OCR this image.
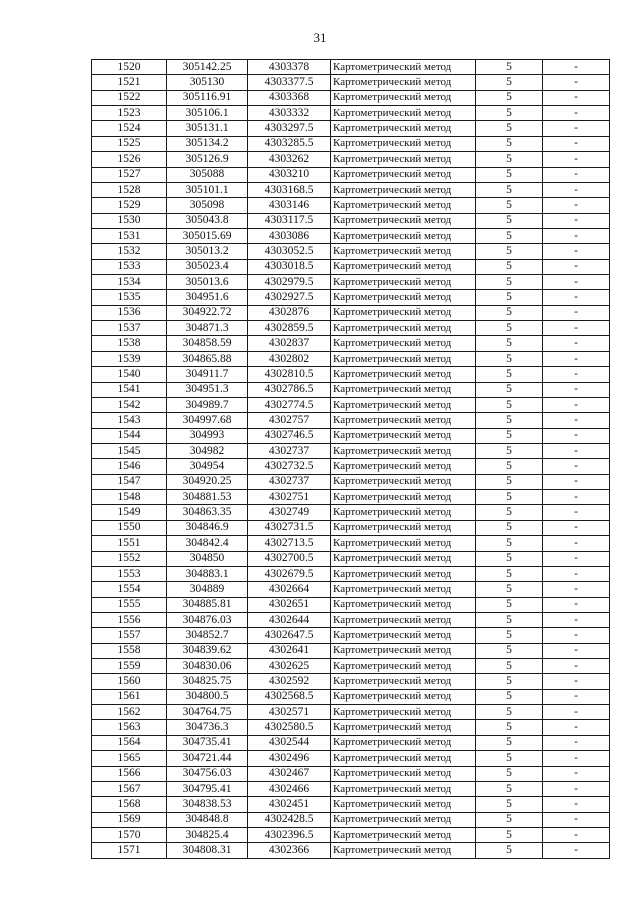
31
1520	305142.25	4303378	Картометрический метод	5	-
1521	305130	4303377.5	Картометрический метод	5	-
1522	305116.91	4303368	Картометрический метод	5	-
1523	305106.1	4303332	Картометрический метод	5	-
1524	305131.1	4303297.5	Картометрический метод	5	-
1525	305134.2	4303285.5	Картометрический метод	5	-
1526	305126.9	4303262	Картометрический метод	5	-
1527	305088	4303210	Картометрический метод	5	-
1528	305101.1	4303168.5	Картометрический метод	5	-
1529	305098	4303146	Картометрический метод	5	-
1530	305043.8	4303117.5	Картометрический метод	5	-
1531	305015.69	4303086	Картометрический метод	5	-
1532	305013.2	4303052.5	Картометрический метод	5	-
1533	305023.4	4303018.5	Картометрический метод	5	-
1534	305013.6	4302979.5	Картометрический метод	5	-
1535	304951.6	4302927.5	Картометрический метод	5	-
1536	304922.72	4302876	Картометрический метод	5	-
1537	304871.3	4302859.5	Картометрический метод	5	-
1538	304858.59	4302837	Картометрический метод	5	-
1539	304865.88	4302802	Картометрический метод	5	-
1540	304911.7	4302810.5	Картометрический метод	5	-
1541	304951.3	4302786.5	Картометрический метод	5	-
1542	304989.7	4302774.5	Картометрический метод	5	-
1543	304997.68	4302757	Картометрический метод	5	-
1544	304993	4302746.5	Картометрический метод	5	-
1545	304982	4302737	Картометрический метод	5	-
1546	304954	4302732.5	Картометрический метод	5	-
1547	304920.25	4302737	Картометрический метод	5	-
1548	304881.53	4302751	Картометрический метод	5	-
1549	304863.35	4302749	Картометрический метод	5	-
1550	304846.9	4302731.5	Картометрический метод	5	-
1551	304842.4	4302713.5	Картометрический метод	5	-
1552	304850	4302700.5	Картометрический метод	5	-
1553	304883.1	4302679.5	Картометрический метод	5	-
1554	304889	4302664	Картометрический метод	5	-
1555	304885.81	4302651	Картометрический метод	5	-
1556	304876.03	4302644	Картометрический метод	5	-
1557	304852.7	4302647.5	Картометрический метод	5	-
1558	304839.62	4302641	Картометрический метод	5	-
1559	304830.06	4302625	Картометрический метод	5	-
1560	304825.75	4302592	Картометрический метод	5	-
1561	304800.5	4302568.5	Картометрический метод	5	-
1562	304764.75	4302571	Картометрический метод	5	-
1563	304736.3	4302580.5	Картометрический метод	5	-
1564	304735.41	4302544	Картометрический метод	5	-
1565	304721.44	4302496	Картометрический метод	5	-
1566	304756.03	4302467	Картометрический метод	5	-
1567	304795.41	4302466	Картометрический метод	5	-
1568	304838.53	4302451	Картометрический метод	5	-
1569	304848.8	4302428.5	Картометрический метод	5	-
1570	304825.4	4302396.5	Картометрический метод	5	-
1571	304808.31	4302366	Картометрический метод	5	-
